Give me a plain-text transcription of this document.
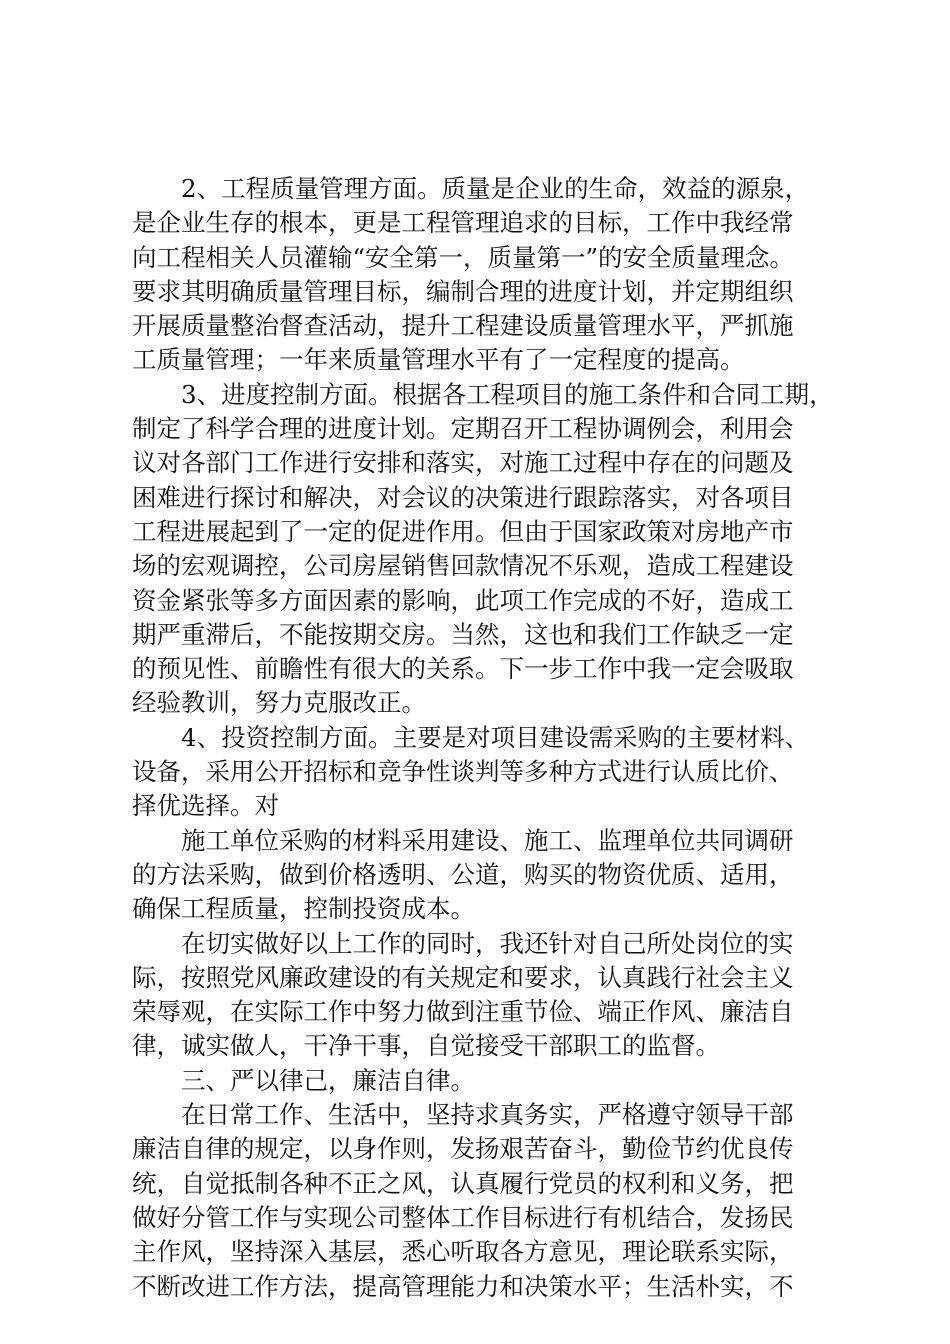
2、工程质量管理方面。质量是企业的生命，效益的源泉，
是企业生存的根本，更是工程管理追求的目标，工作中我经常
向工程相关人员灌输“安全第一，质量第一”的安全质量理念。
要求其明确质量管理目标，编制合理的进度计划，并定期组织
开展质量整治督查活动，提升工程建设质量管理水平，严抓施
工质量管理；一年来质量管理水平有了一定程度的提高。
3、进度控制方面。根据各工程项目的施工条件和合同工期，
制定了科学合理的进度计划。定期召开工程协调例会，利用会
议对各部门工作进行安排和落实，对施工过程中存在的问题及
困难进行探讨和解决，对会议的决策进行跟踪落实，对各项目
工程进展起到了一定的促进作用。但由于国家政策对房地产市
场的宏观调控，公司房屋销售回款情况不乐观，造成工程建设
资金紧张等多方面因素的影响，此项工作完成的不好，造成工
期严重滞后，不能按期交房。当然，这也和我们工作缺乏一定
的预见性、前瞻性有很大的关系。下一步工作中我一定会吸取
经验教训，努力克服改正。
4、投资控制方面。主要是对项目建设需采购的主要材料、
设备，采用公开招标和竞争性谈判等多种方式进行认质比价、
择优选择。对
施工单位采购的材料采用建设、施工、监理单位共同调研
的方法采购，做到价格透明、公道，购买的物资优质、适用，
确保工程质量，控制投资成本。
在切实做好以上工作的同时，我还针对自己所处岗位的实
际，按照党风廉政建设的有关规定和要求，认真践行社会主义
荣辱观，在实际工作中努力做到注重节俭、端正作风、廉洁自
律，诚实做人，干净干事，自觉接受干部职工的监督。
三、严以律己，廉洁自律。
在日常工作、生活中，坚持求真务实，严格遵守领导干部
廉洁自律的规定，以身作则，发扬艰苦奋斗，勤俭节约优良传
统，自觉抵制各种不正之风，认真履行党员的权利和义务，把
做好分管工作与实现公司整体工作目标进行有机结合，发扬民
主作风，坚持深入基层，悉心听取各方意见，理论联系实际，
不断改进工作方法，提高管理能力和决策水平；生活朴实，不
